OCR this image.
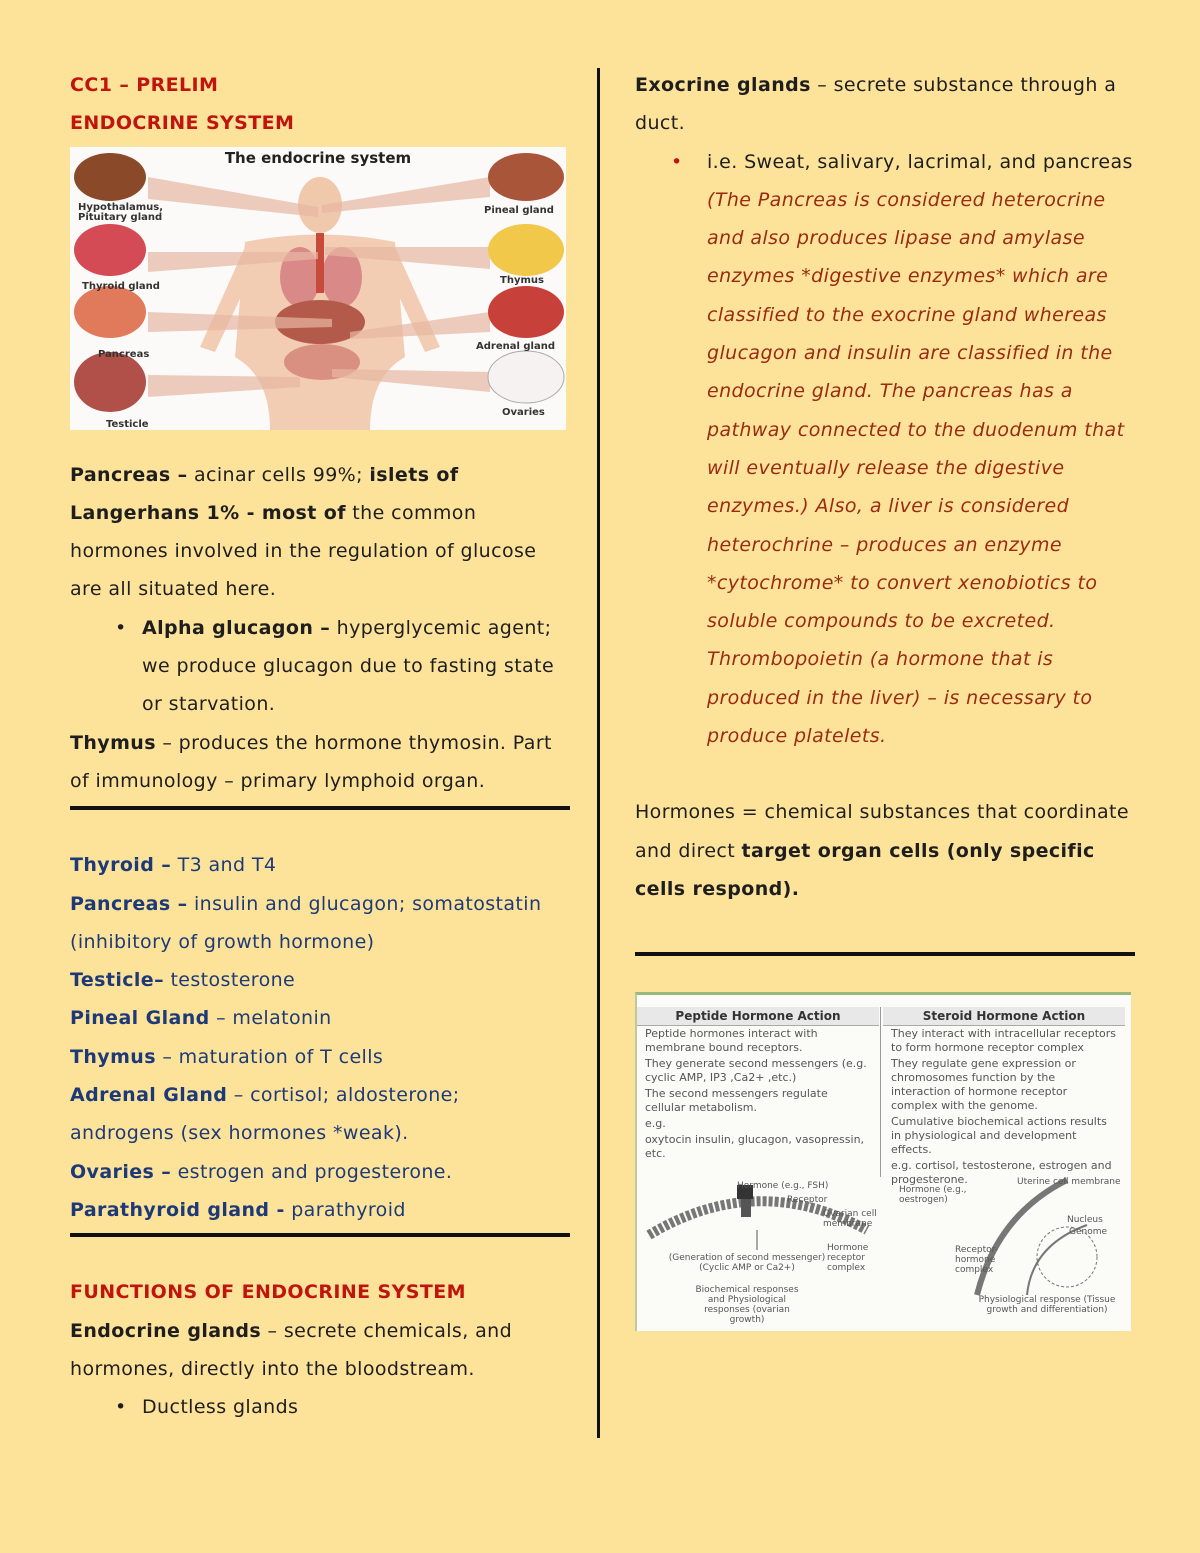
CC1 – PRELIM

ENDOCRINE SYSTEM

The endocrine system
Hypothalamus, Pituitary gland
Thyroid gland
Pancreas
Testicle
Pineal gland
Thymus
Adrenal gland
Ovaries

Pancreas – acinar cells 99%; islets of Langerhans 1% - most of the common hormones involved in the regulation of glucose are all situated here.

• Alpha glucagon – hyperglycemic agent; we produce glucagon due to fasting state or starvation.

Thymus – produces the hormone thymosin. Part of immunology – primary lymphoid organ.

Thyroid – T3 and T4

Pancreas – insulin and glucagon; somatostatin (inhibitory of growth hormone)

Testicle– testosterone

Pineal Gland – melatonin

Thymus – maturation of T cells

Adrenal Gland – cortisol; aldosterone; androgens (sex hormones *weak).

Ovaries – estrogen and progesterone.

Parathyroid gland - parathyroid

FUNCTIONS OF ENDOCRINE SYSTEM

Endocrine glands – secrete chemicals, and hormones, directly into the bloodstream.

• Ductless glands

Exocrine glands – secrete substance through a duct.

• i.e. Sweat, salivary, lacrimal, and pancreas (The Pancreas is considered heterocrine and also produces lipase and amylase enzymes *digestive enzymes* which are classified to the exocrine gland whereas glucagon and insulin are classified in the endocrine gland. The pancreas has a pathway connected to the duodenum that will eventually release the digestive enzymes.) Also, a liver is considered heterochrine – produces an enzyme *cytochrome* to convert xenobiotics to soluble compounds to be excreted. Thrombopoietin (a hormone that is produced in the liver) – is necessary to produce platelets.

Hormones = chemical substances that coordinate and direct target organ cells (only specific cells respond).

Peptide Hormone Action
Peptide hormones interact with membrane bound receptors.
They generate second messengers (e.g. cyclic AMP, IP3 ,Ca2+ ,etc.)
The second messengers regulate cellular metabolism.
e.g.
oxytocin insulin, glucagon, vasopressin, etc.
Steroid Hormone Action
They interact with intracellular receptors to form hormone receptor complex
They regulate gene expression or chromosomes function by the interaction of hormone receptor complex with the genome.
Cumulative biochemical actions results in physiological and development effects.
e.g. cortisol, testosterone, estrogen and progesterone.
Hormone (e.g., FSH)
Receptor
Ovarian cell membrane
Hormone receptor complex
(Generation of second messenger) (Cyclic AMP or Ca2+)
Biochemical responses and Physiological responses (ovarian growth)
Hormone (e.g., oestrogen)
Uterine cell membrane
Nucleus
Genome
Receptor-hormone complex
Physiological response (Tissue growth and differentiation)
